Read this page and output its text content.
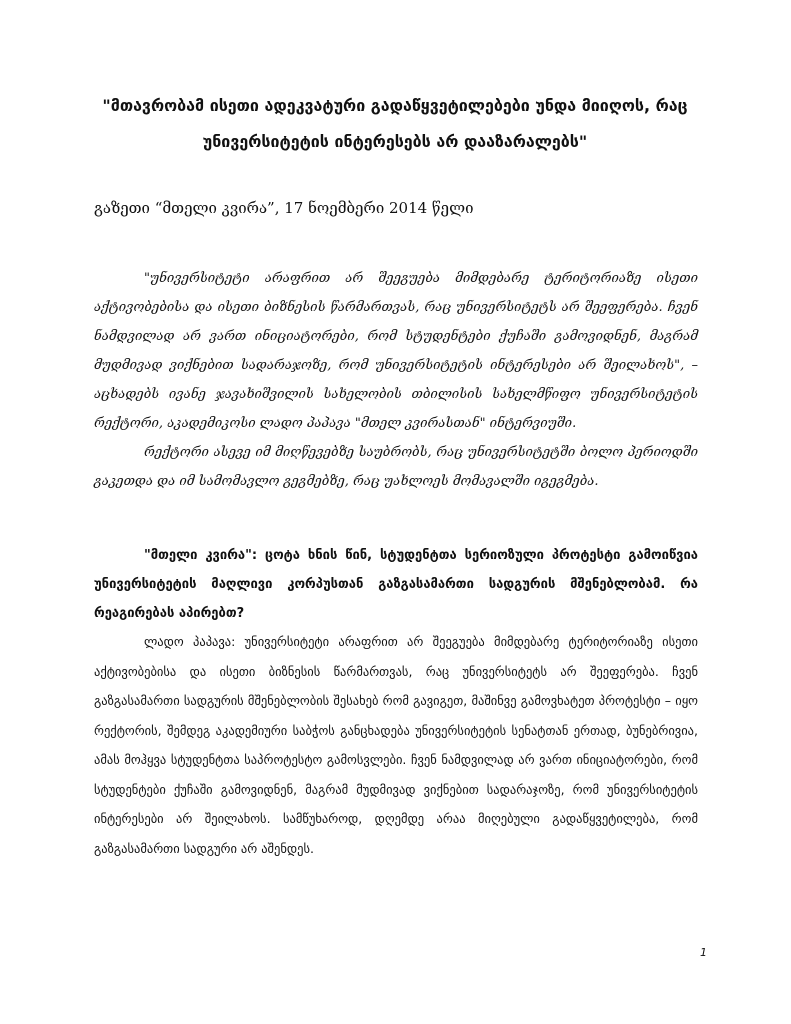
"მთავრობამ ისეთი ადეკვატური გადაწყვეტილებები უნდა მიიღოს, რაც უნივერსიტეტის ინტერესებს არ დააზარალებს"

გაზეთი “მთელი კვირა”, 17 ნოემბერი 2014 წელი

"უნივერსიტეტი არაფრით არ შეეგუება მიმდებარე ტერიტორიაზე ისეთი აქტივობებისა და ისეთი ბიზნესის წარმართვას, რაც უნივერსიტეტს არ შეეფერება. ჩვენ ნამდვილად არ ვართ ინიციატორები, რომ სტუდენტები ქუჩაში გამოვიდნენ, მაგრამ მუდმივად ვიქნებით სადარაჯოზე, რომ უნივერსიტეტის ინტერესები არ შეილახოს", – აცხადებს ივანე ჯავახიშვილის სახელობის თბილისის სახელმწიფო უნივერსიტეტის რექტორი, აკადემიკოსი ლადო პაპავა "მთელ კვირასთან" ინტერვიუში.

რექტორი ასევე იმ მიღწევებზე საუბრობს, რაც უნივერსიტეტში ბოლო პერიოდში გაკეთდა და იმ სამომავლო გეგმებზე, რაც უახლოეს მომავალში იგეგმება.

"მთელი კვირა": ცოტა ხნის წინ, სტუდენტთა სერიოზული პროტესტი გამოიწვია უნივერსიტეტის მაღლივი კორპუსთან გაზგასამართი სადგურის მშენებლობამ. რა რეაგირებას აპირებთ?

ლადო პაპავა: უნივერსიტეტი არაფრით არ შეეგუება მიმდებარე ტერიტორიაზე ისეთი აქტივობებისა და ისეთი ბიზნესის წარმართვას, რაც უნივერსიტეტს არ შეეფერება. ჩვენ გაზგასამართი სადგურის მშენებლობის შესახებ რომ გავიგეთ, მაშინვე გამოვხატეთ პროტესტი – იყო რექტორის, შემდეგ აკადემიური საბჭოს განცხადება უნივერსიტეტის სენატთან ერთად, ბუნებრივია, ამას მოჰყვა სტუდენტთა საპროტესტო გამოსვლები. ჩვენ ნამდვილად არ ვართ ინიციატორები, რომ სტუდენტები ქუჩაში გამოვიდნენ, მაგრამ მუდმივად ვიქნებით სადარაჯოზე, რომ უნივერსიტეტის ინტერესები არ შეილახოს. სამწუხაროდ, დღემდე არაა მიღებული გადაწყვეტილება, რომ გაზგასამართი სადგური არ აშენდეს.

1
